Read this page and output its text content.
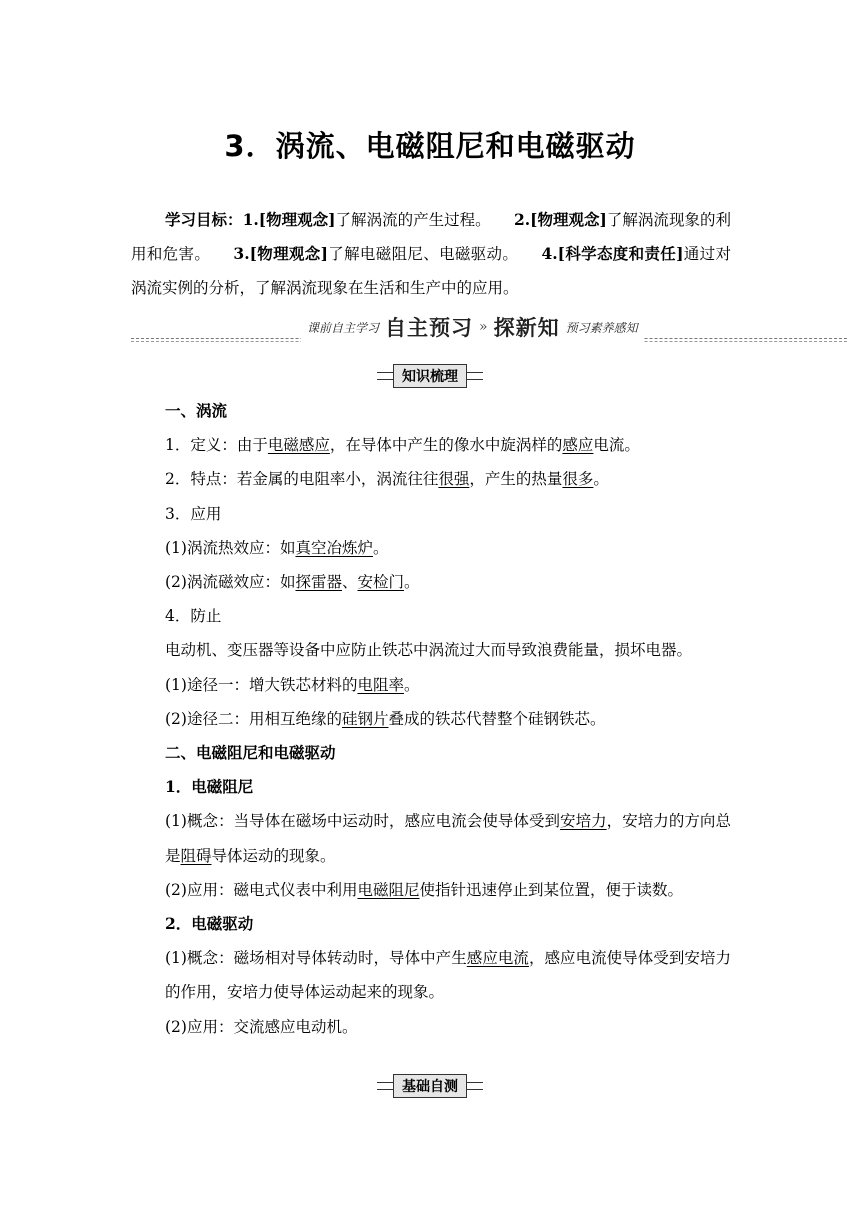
3．涡流、电磁阻尼和电磁驱动
学习目标：1.[物理观念]了解涡流的产生过程。   2.[物理观念]了解涡流现象的利用和危害。   3.[物理观念]了解电磁阻尼、电磁驱动。   4.[科学态度和责任]通过对涡流实例的分析，了解涡流现象在生活和生产中的应用。
课前自主学习 自主预习 » 探新知 预习素养感知
知识梳理

一、涡流

1．定义：由于电磁感应，在导体中产生的像水中旋涡样的感应电流。

2．特点：若金属的电阻率小，涡流往往很强，产生的热量很多。

3．应用

(1)涡流热效应：如真空冶炼炉。

(2)涡流磁效应：如探雷器、安检门。

4．防止

电动机、变压器等设备中应防止铁芯中涡流过大而导致浪费能量，损坏电器。

(1)途径一：增大铁芯材料的电阻率。

(2)途径二：用相互绝缘的硅钢片叠成的铁芯代替整个硅钢铁芯。

二、电磁阻尼和电磁驱动

1．电磁阻尼

(1)概念：当导体在磁场中运动时，感应电流会使导体受到安培力，安培力的方向总是阻碍导体运动的现象。

(2)应用：磁电式仪表中利用电磁阻尼使指针迅速停止到某位置，便于读数。

2．电磁驱动

(1)概念：磁场相对导体转动时，导体中产生感应电流，感应电流使导体受到安培力的作用，安培力使导体运动起来的现象。

(2)应用：交流感应电动机。

基础自测
